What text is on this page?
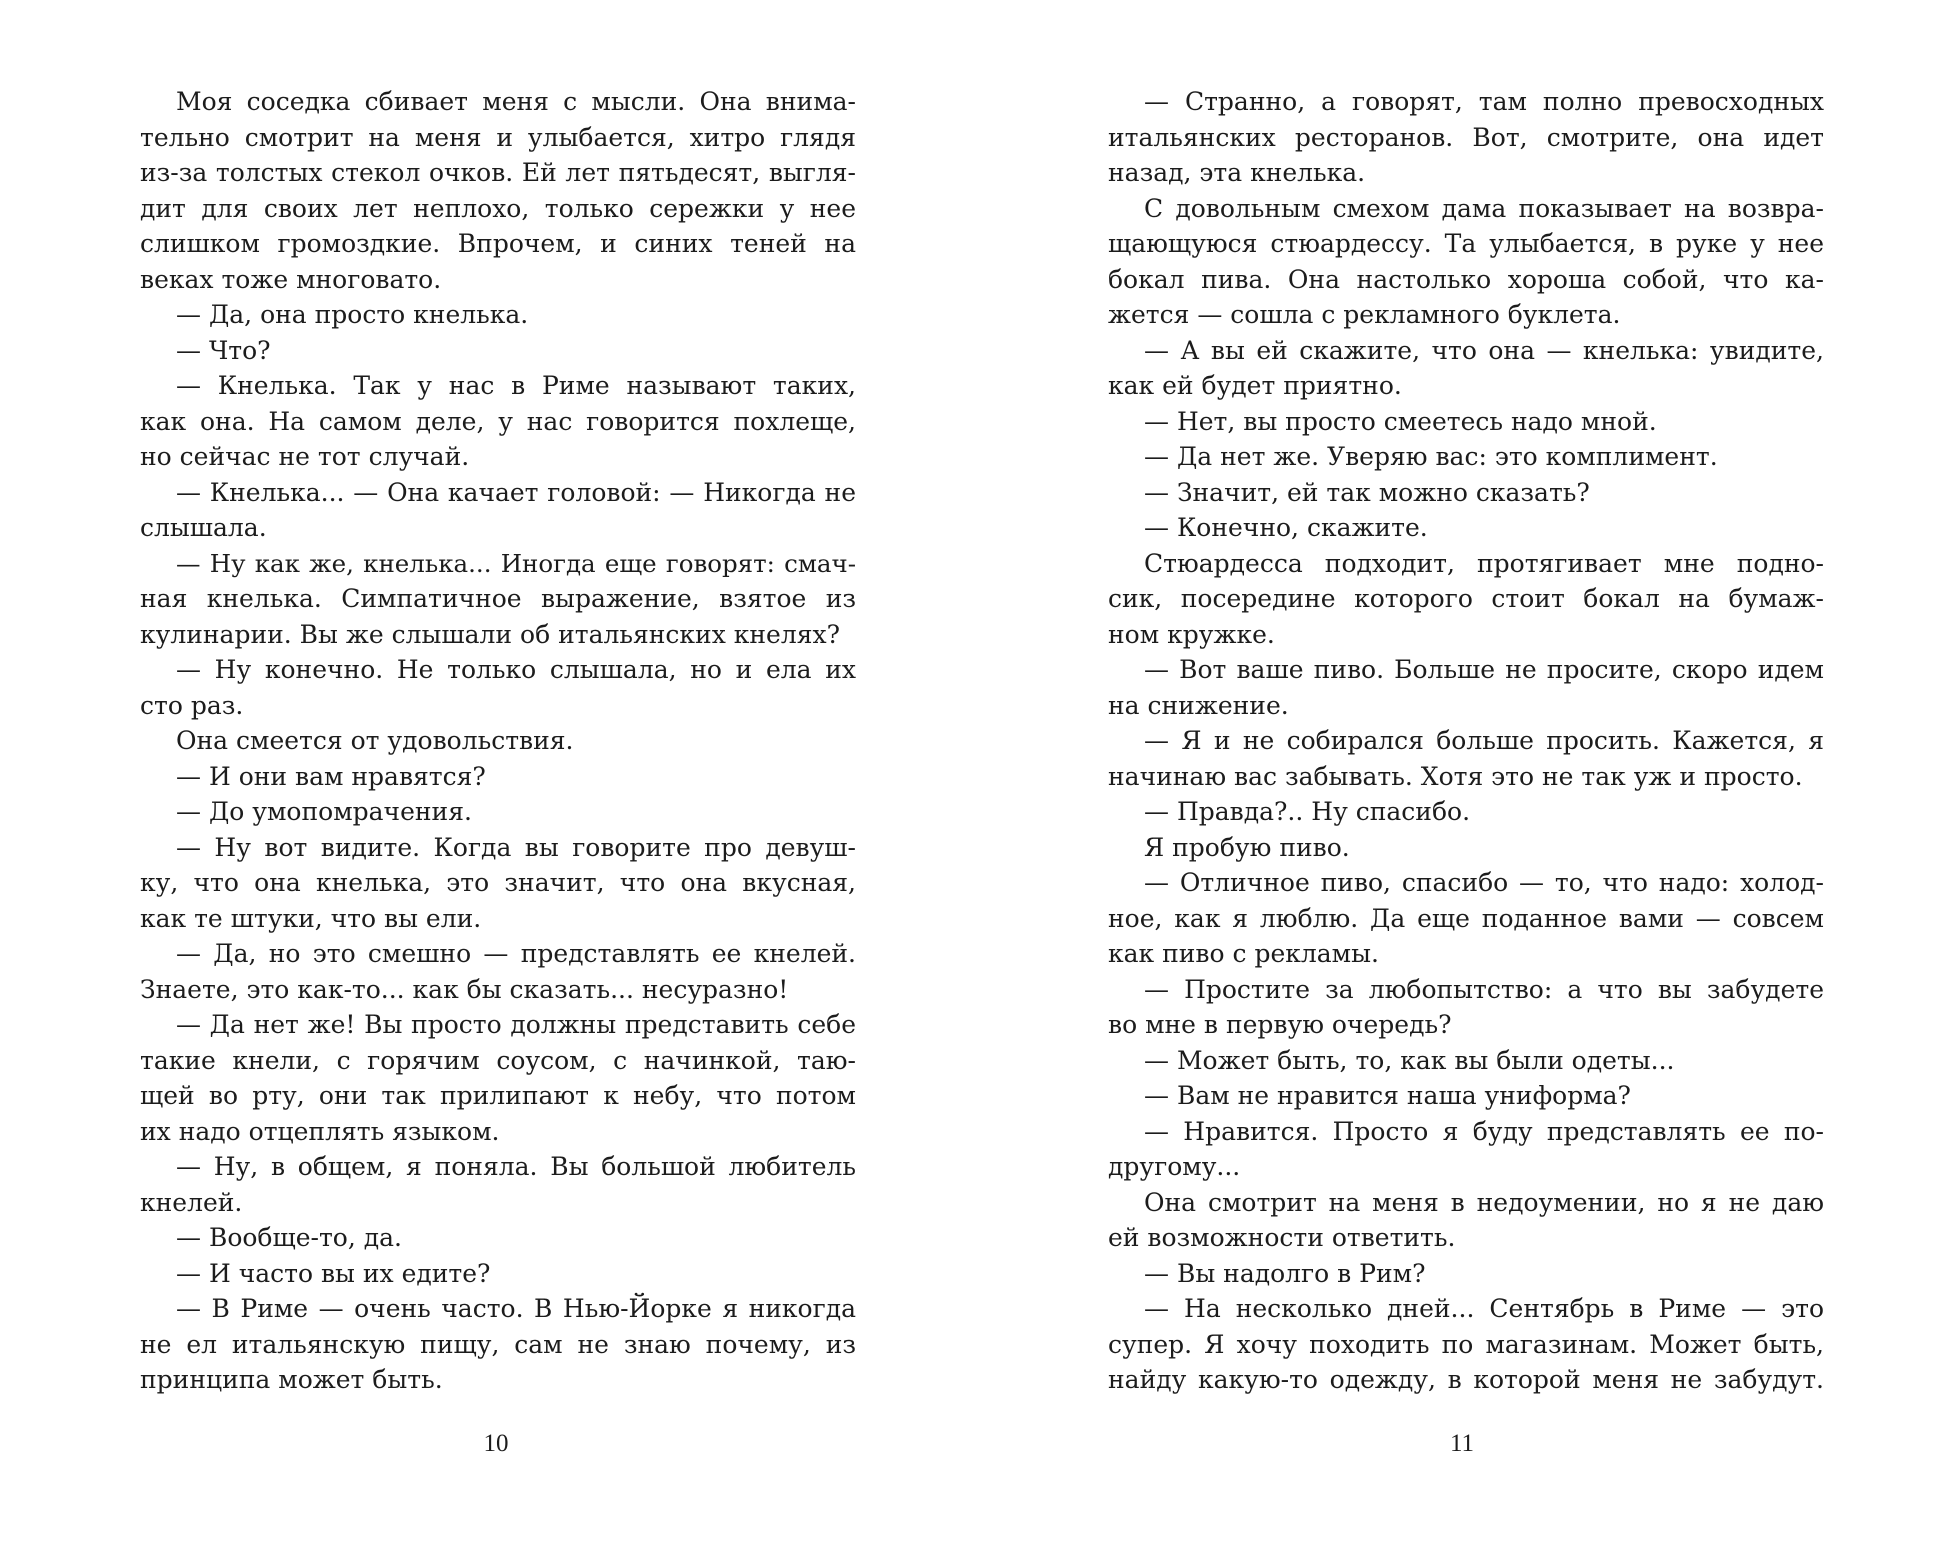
Моя соседка сбивает меня с мысли. Она внима-
тельно смотрит на меня и улыбается, хитро глядя
из-за толстых стекол очков. Ей лет пятьдесят, выгля-
дит для своих лет неплохо, только сережки у нее
слишком громоздкие. Впрочем, и синих теней на
веках тоже многовато.
— Да, она просто кнелька.
— Что?
— Кнелька. Так у нас в Риме называют таких,
как она. На самом деле, у нас говорится похлеще,
но сейчас не тот случай.
— Кнелька... — Она качает головой: — Никогда не
слышала.
— Ну как же, кнелька... Иногда еще говорят: смач-
ная кнелька. Симпатичное выражение, взятое из
кулинарии. Вы же слышали об итальянских кнелях?
— Ну конечно. Не только слышала, но и ела их
сто раз.
Она смеется от удовольствия.
— И они вам нравятся?
— До умопомрачения.
— Ну вот видите. Когда вы говорите про девуш-
ку, что она кнелька, это значит, что она вкусная,
как те штуки, что вы ели.
— Да, но это смешно — представлять ее кнелей.
Знаете, это как-то... как бы сказать... несуразно!
— Да нет же! Вы просто должны представить себе
такие кнели, с горячим соусом, с начинкой, таю-
щей во рту, они так прилипают к небу, что потом
их надо отцеплять языком.
— Ну, в общем, я поняла. Вы большой любитель
кнелей.
— Вообще-то, да.
— И часто вы их едите?
— В Риме — очень часто. В Нью-Йорке я никогда
не ел итальянскую пищу, сам не знаю почему, из
принципа может быть.
10
— Странно, а говорят, там полно превосходных
итальянских ресторанов. Вот, смотрите, она идет
назад, эта кнелька.
С довольным смехом дама показывает на возвра-
щающуюся стюардессу. Та улыбается, в руке у нее
бокал пива. Она настолько хороша собой, что ка-
жется — сошла с рекламного буклета.
— А вы ей скажите, что она — кнелька: увидите,
как ей будет приятно.
— Нет, вы просто смеетесь надо мной.
— Да нет же. Уверяю вас: это комплимент.
— Значит, ей так можно сказать?
— Конечно, скажите.
Стюардесса подходит, протягивает мне подно-
сик, посередине которого стоит бокал на бумаж-
ном кружке.
— Вот ваше пиво. Больше не просите, скоро идем
на снижение.
— Я и не собирался больше просить. Кажется, я
начинаю вас забывать. Хотя это не так уж и просто.
— Правда?.. Ну спасибо.
Я пробую пиво.
— Отличное пиво, спасибо — то, что надо: холод-
ное, как я люблю. Да еще поданное вами — совсем
как пиво с рекламы.
— Простите за любопытство: а что вы забудете
во мне в первую очередь?
— Может быть, то, как вы были одеты...
— Вам не нравится наша униформа?
— Нравится. Просто я буду представлять ее по-
другому...
Она смотрит на меня в недоумении, но я не даю
ей возможности ответить.
— Вы надолго в Рим?
— На несколько дней... Сентябрь в Риме — это
супер. Я хочу походить по магазинам. Может быть,
найду какую-то одежду, в которой меня не забудут.
11
